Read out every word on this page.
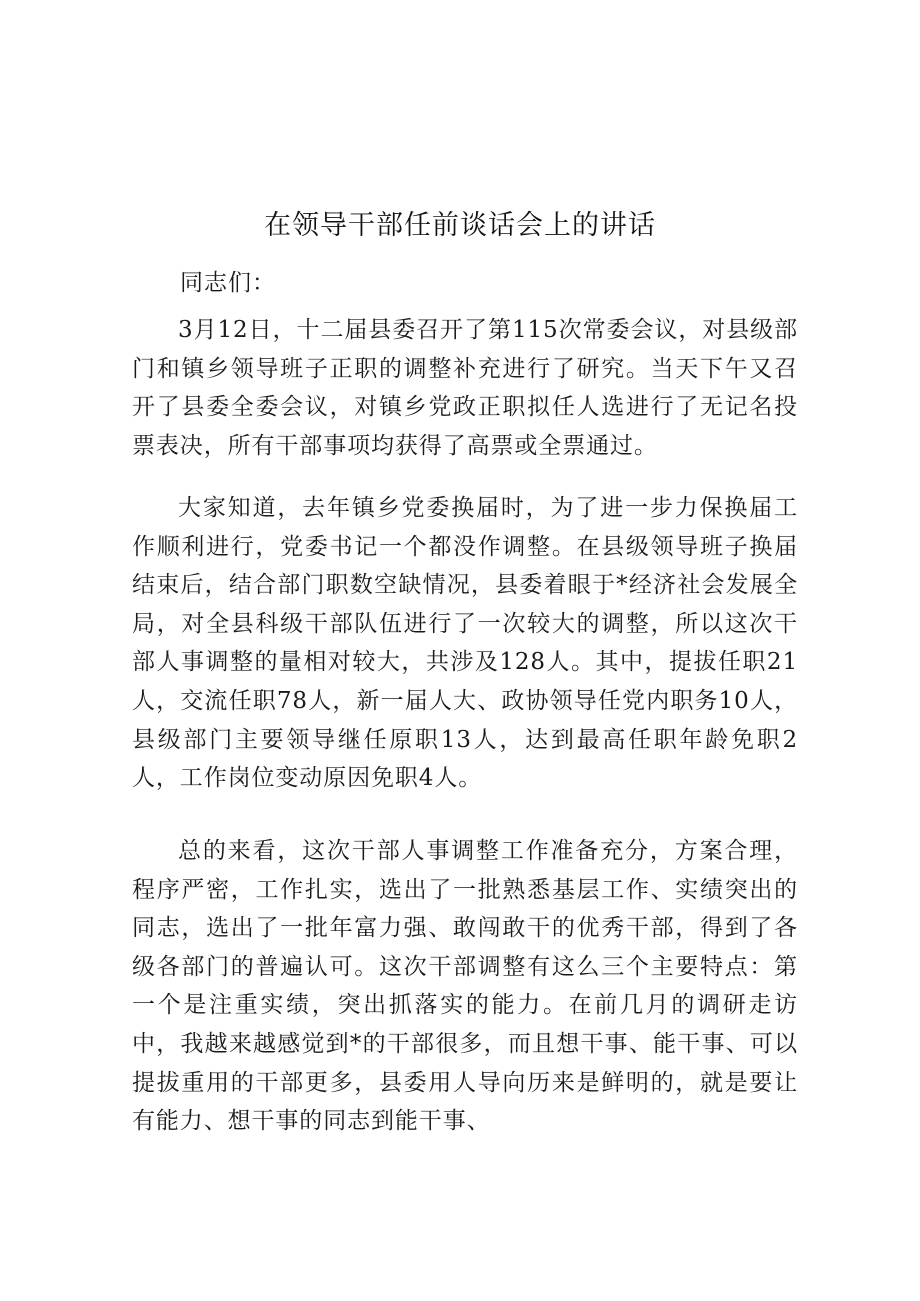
在领导干部任前谈话会上的讲话
同志们：
3月12日，十二届县委召开了第115次常委会议，对县级部门和镇乡领导班子正职的调整补充进行了研究。当天下午又召开了县委全委会议，对镇乡党政正职拟任人选进行了无记名投票表决，所有干部事项均获得了高票或全票通过。
大家知道，去年镇乡党委换届时，为了进一步力保换届工作顺利进行，党委书记一个都没作调整。在县级领导班子换届结束后，结合部门职数空缺情况，县委着眼于*经济社会发展全局，对全县科级干部队伍进行了一次较大的调整，所以这次干部人事调整的量相对较大，共涉及128人。其中，提拔任职21人，交流任职78人，新一届人大、政协领导任党内职务10人，县级部门主要领导继任原职13人，达到最高任职年龄免职2人，工作岗位变动原因免职4人。
总的来看，这次干部人事调整工作准备充分，方案合理，程序严密，工作扎实，选出了一批熟悉基层工作、实绩突出的同志，选出了一批年富力强、敢闯敢干的优秀干部，得到了各级各部门的普遍认可。这次干部调整有这么三个主要特点：第一个是注重实绩，突出抓落实的能力。在前几月的调研走访中，我越来越感觉到*的干部很多，而且想干事、能干事、可以提拔重用的干部更多，县委用人导向历来是鲜明的，就是要让有能力、想干事的同志到能干事、
